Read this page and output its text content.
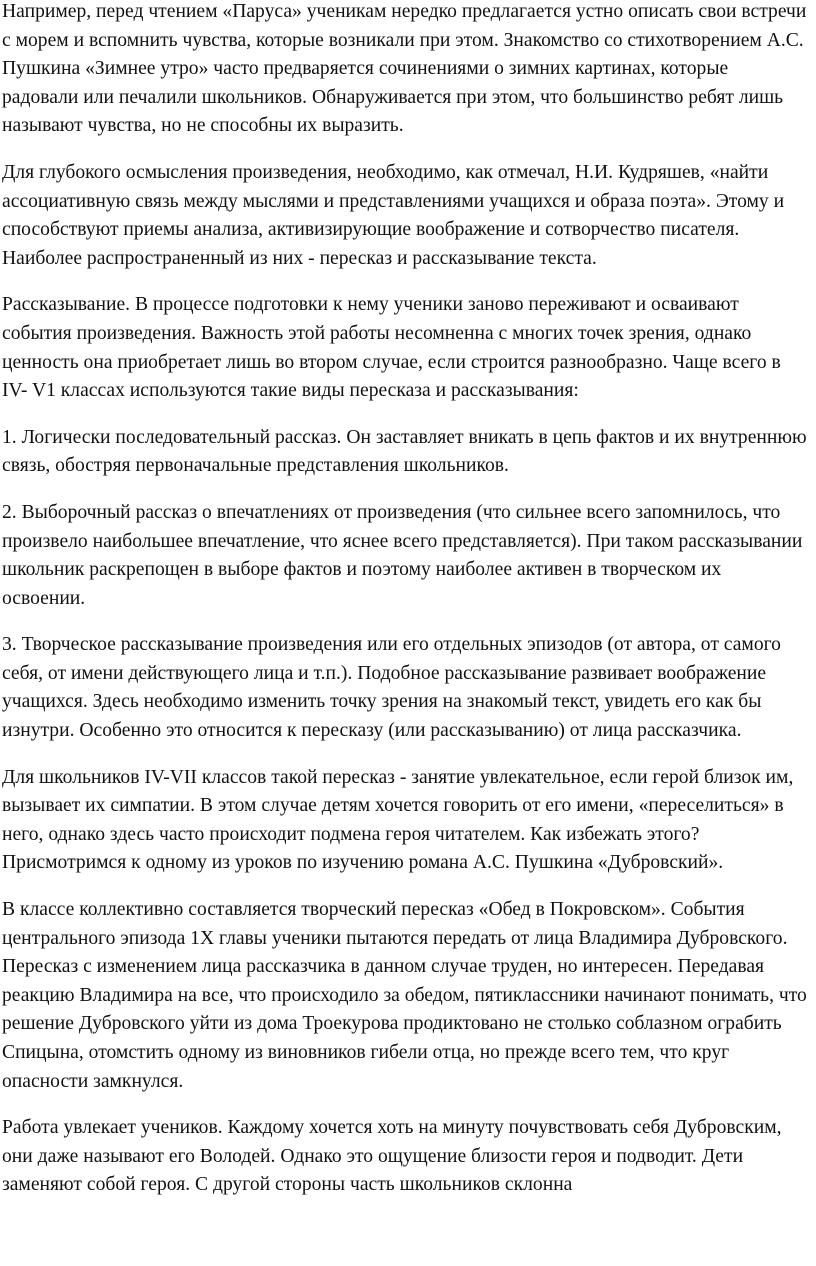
Например, перед чтением «Паруса» ученикам нередко предлагается устно описать свои встречи с морем и вспомнить чувства, которые возникали при этом. Знакомство со стихотворением А.С. Пушкина «Зимнее утро» часто предваряется сочинениями о зимних картинах, которые радовали или печалили школьников. Обнаруживается при этом, что большинство ребят лишь называют чувства, но не способны их выразить.

Для глубокого осмысления произведения, необходимо, как отмечал, Н.И. Кудряшев, «найти ассоциативную связь между мыслями и представлениями учащихся и образа поэта». Этому и способствуют приемы анализа, активизирующие воображение и сотворчество писателя. Наиболее распространенный из них - пересказ и рассказывание текста.

Рассказывание. В процессе подготовки к нему ученики заново переживают и осваивают события произведения. Важность этой работы несомненна с многих точек зрения, однако ценность она приобретает лишь во втором случае, если строится разнообразно. Чаще всего в IV- V1 классах используются такие виды пересказа и рассказывания:

1. Логически последовательный рассказ. Он заставляет вникать в цепь фактов и их внутреннюю связь, обостряя первоначальные представления школьников.

2. Выборочный рассказ о впечатлениях от произведения (что сильнее всего запомнилось, что произвело наибольшее впечатление, что яснее всего представляется). При таком рассказывании школьник раскрепощен в выборе фактов и поэтому наиболее активен в творческом их освоении.

3. Творческое рассказывание произведения или его отдельных эпизодов (от автора, от самого себя, от имени действующего лица и т.п.). Подобное рассказывание развивает воображение учащихся. Здесь необходимо изменить точку зрения на знакомый текст, увидеть его как бы изнутри. Особенно это относится к пересказу (или рассказыванию) от лица рассказчика.

Для школьников IV-VII классов такой пересказ - занятие увлекательное, если герой близок им, вызывает их симпатии. В этом случае детям хочется говорить от его имени, «переселиться» в него, однако здесь часто происходит подмена героя читателем. Как избежать этого? Присмотримся к одному из уроков по изучению романа А.С. Пушкина «Дубровский».

В классе коллективно составляется творческий пересказ «Обед в Покровском». События центрального эпизода 1Х главы ученики пытаются передать от лица Владимира Дубровского. Пересказ с изменением лица рассказчика в данном случае труден, но интересен. Передавая реакцию Владимира на все, что происходило за обедом, пятиклассники начинают понимать, что решение Дубровского уйти из дома Троекурова продиктовано не столько соблазном ограбить Спицына, отомстить одному из виновников гибели отца, но прежде всего тем, что круг опасности замкнулся.

Работа увлекает учеников. Каждому хочется хоть на минуту почувствовать себя Дубровским, они даже называют его Володей. Однако это ощущение близости героя и подводит. Дети заменяют собой героя. С другой стороны часть школьников склонна
